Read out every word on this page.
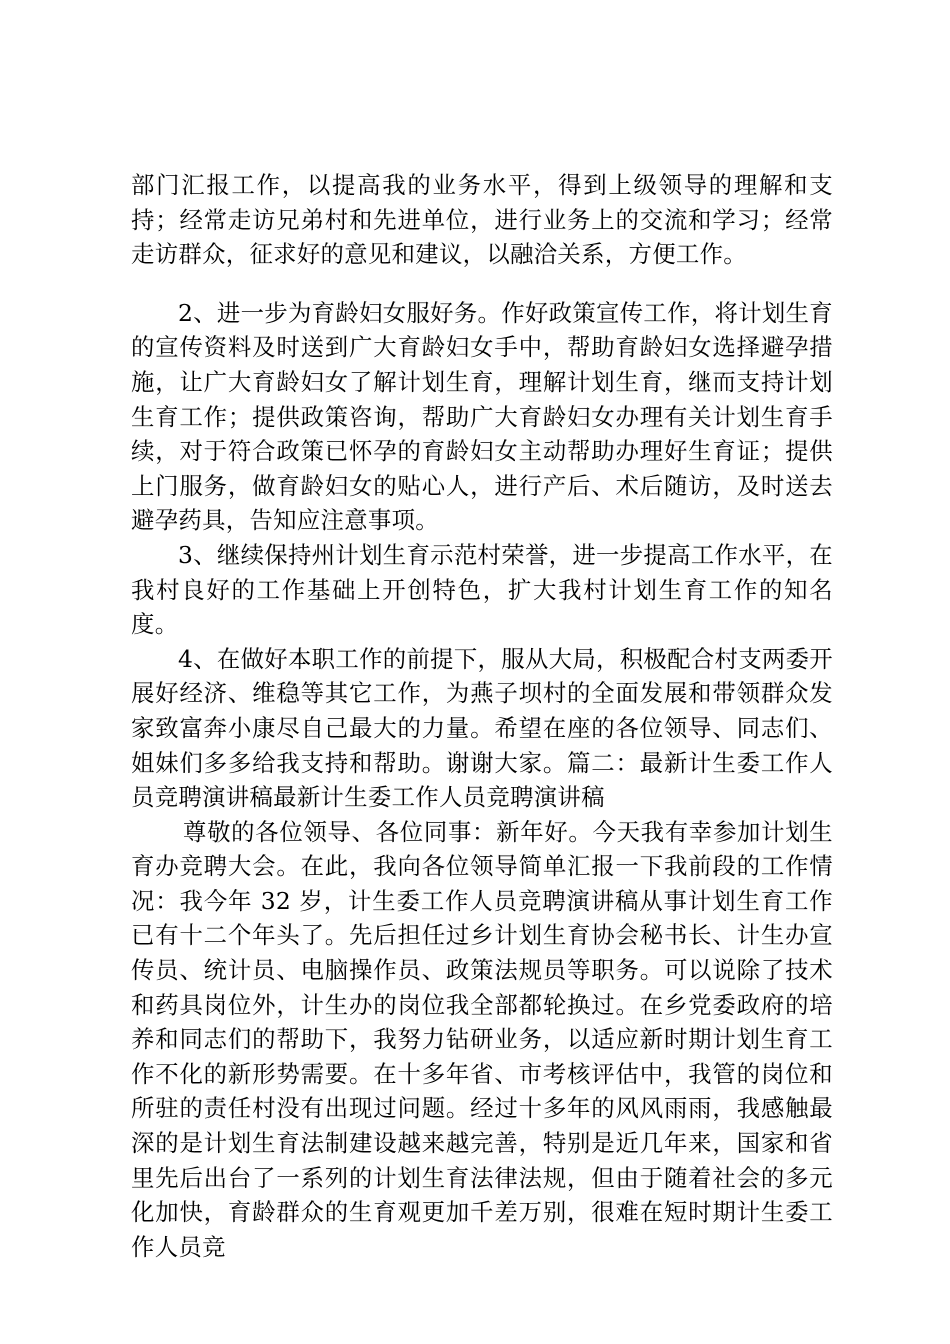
部门汇报工作，以提高我的业务水平，得到上级领导的理解和支持；经常走访兄弟村和先进单位，进行业务上的交流和学习；经常走访群众，征求好的意见和建议，以融洽关系，方便工作。

2、进一步为育龄妇女服好务。作好政策宣传工作，将计划生育的宣传资料及时送到广大育龄妇女手中，帮助育龄妇女选择避孕措施，让广大育龄妇女了解计划生育，理解计划生育，继而支持计划生育工作；提供政策咨询，帮助广大育龄妇女办理有关计划生育手续，对于符合政策已怀孕的育龄妇女主动帮助办理好生育证；提供上门服务，做育龄妇女的贴心人，进行产后、术后随访，及时送去避孕药具，告知应注意事项。

3、继续保持州计划生育示范村荣誉，进一步提高工作水平，在我村良好的工作基础上开创特色，扩大我村计划生育工作的知名度。

4、在做好本职工作的前提下，服从大局，积极配合村支两委开展好经济、维稳等其它工作，为燕子坝村的全面发展和带领群众发家致富奔小康尽自己最大的力量。希望在座的各位领导、同志们、姐妹们多多给我支持和帮助。谢谢大家。篇二：最新计生委工作人员竞聘演讲稿最新计生委工作人员竞聘演讲稿

尊敬的各位领导、各位同事：新年好。今天我有幸参加计划生育办竞聘大会。在此，我向各位领导简单汇报一下我前段的工作情况：我今年 32 岁，计生委工作人员竞聘演讲稿从事计划生育工作已有十二个年头了。先后担任过乡计划生育协会秘书长、计生办宣传员、统计员、电脑操作员、政策法规员等职务。可以说除了技术和药具岗位外，计生办的岗位我全部都轮换过。在乡党委政府的培养和同志们的帮助下，我努力钻研业务，以适应新时期计划生育工作不化的新形势需要。在十多年省、市考核评估中，我管的岗位和所驻的责任村没有出现过问题。经过十多年的风风雨雨，我感触最深的是计划生育法制建设越来越完善，特别是近几年来，国家和省里先后出台了一系列的计划生育法律法规，但由于随着社会的多元化加快，育龄群众的生育观更加千差万别，很难在短时期计生委工作人员竞
